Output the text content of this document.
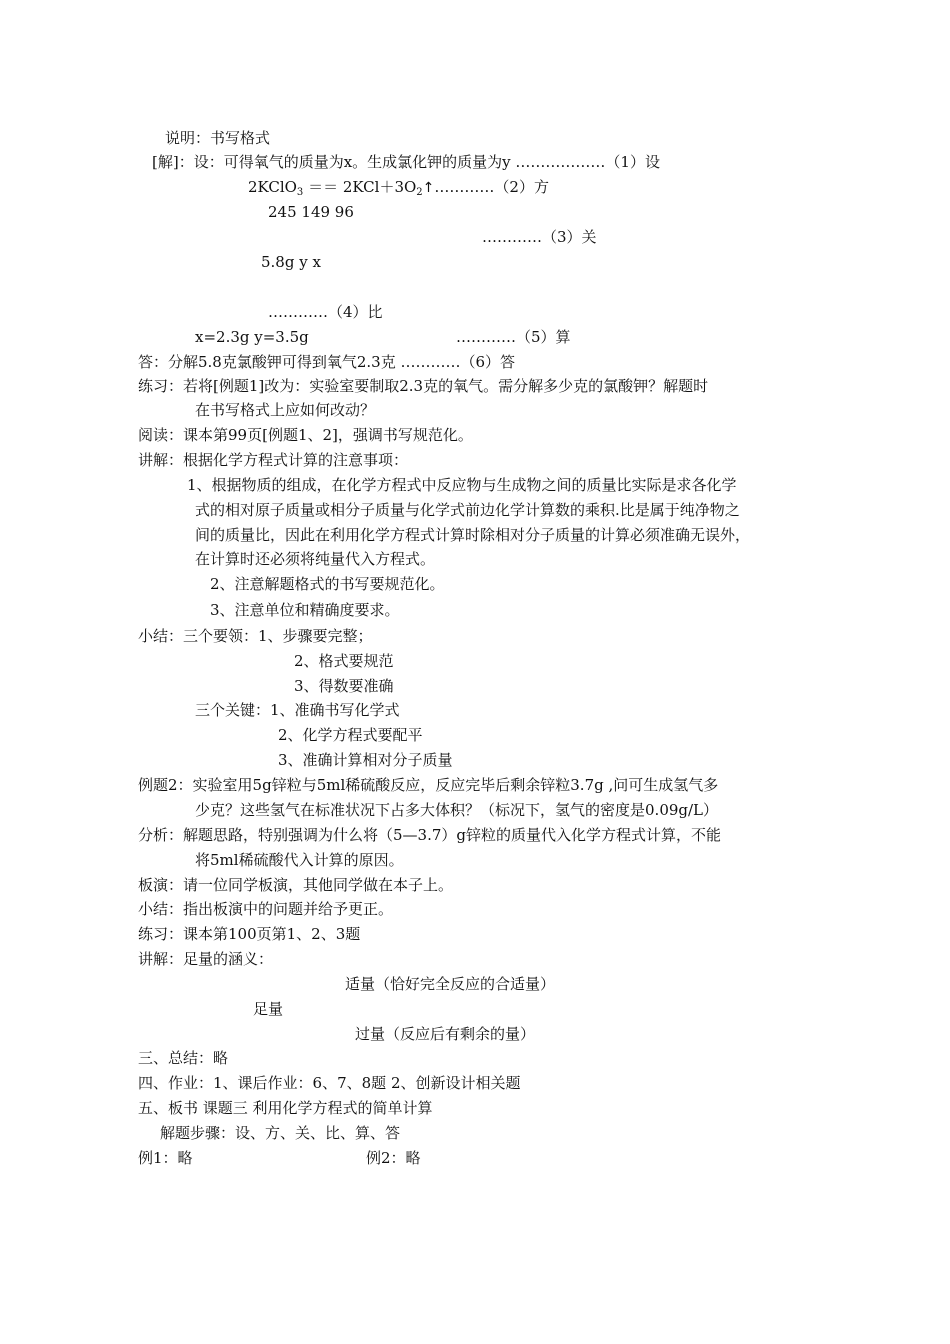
说明：书写格式
[解]：设：可得氧气的质量为x。生成氯化钾的质量为y ………………（1）设
2KClO$_3$ ＝＝ $2KCl+3O_2↑\dots\dots\dots\dots(2)$方
245 149 96
…………（3）关
5.8g y x
…………（4）比
x=2.3g y=3.5g	…………（5）算
答：分解5.8克氯酸钾可得到氧气2.3克 …………（6）答
练习：若将[例题1]改为：实验室要制取2.3克的氧气。需分解多少克的氯酸钾？解题时
在书写格式上应如何改动？
阅读：课本第99页[例题1、2]，强调书写规范化。
讲解：根据化学方程式计算的注意事项：
1、根据物质的组成，在化学方程式中反应物与生成物之间的质量比实际是求各化学
式的相对原子质量或相分子质量与化学式前边化学计算数的乘积.比是属于纯净物之
间的质量比，因此在利用化学方程式计算时除相对分子质量的计算必须准确无误外，
在计算时还必须将纯量代入方程式。
2、注意解题格式的书写要规范化。
3、注意单位和精确度要求。
小结：三个要领：1、步骤要完整；
2、格式要规范
3、得数要准确
三个关键：1、准确书写化学式
2、化学方程式要配平
3、准确计算相对分子质量
例题2：实验室用5g锌粒与5ml稀硫酸反应，反应完毕后剩余锌粒3.7g ,问可生成氢气多
少克？这些氢气在标准状况下占多大体积？（标况下，氢气的密度是0.09g/L）
分析：解题思路，特别强调为什么将（5—3.7）g锌粒的质量代入化学方程式计算，不能
将5ml稀硫酸代入计算的原因。
板演：请一位同学板演，其他同学做在本子上。
小结：指出板演中的问题并给予更正。
练习：课本第100页第1、2、3题
讲解：足量的涵义：
适量（恰好完全反应的合适量）
足量
过量（反应后有剩余的量）
三、总结：略
四、作业：1、课后作业：6、7、8题 2、创新设计相关题
五、板书 课题三 利用化学方程式的简单计算
解题步骤：设、方、关、比、算、答
例1：略	例2：略
